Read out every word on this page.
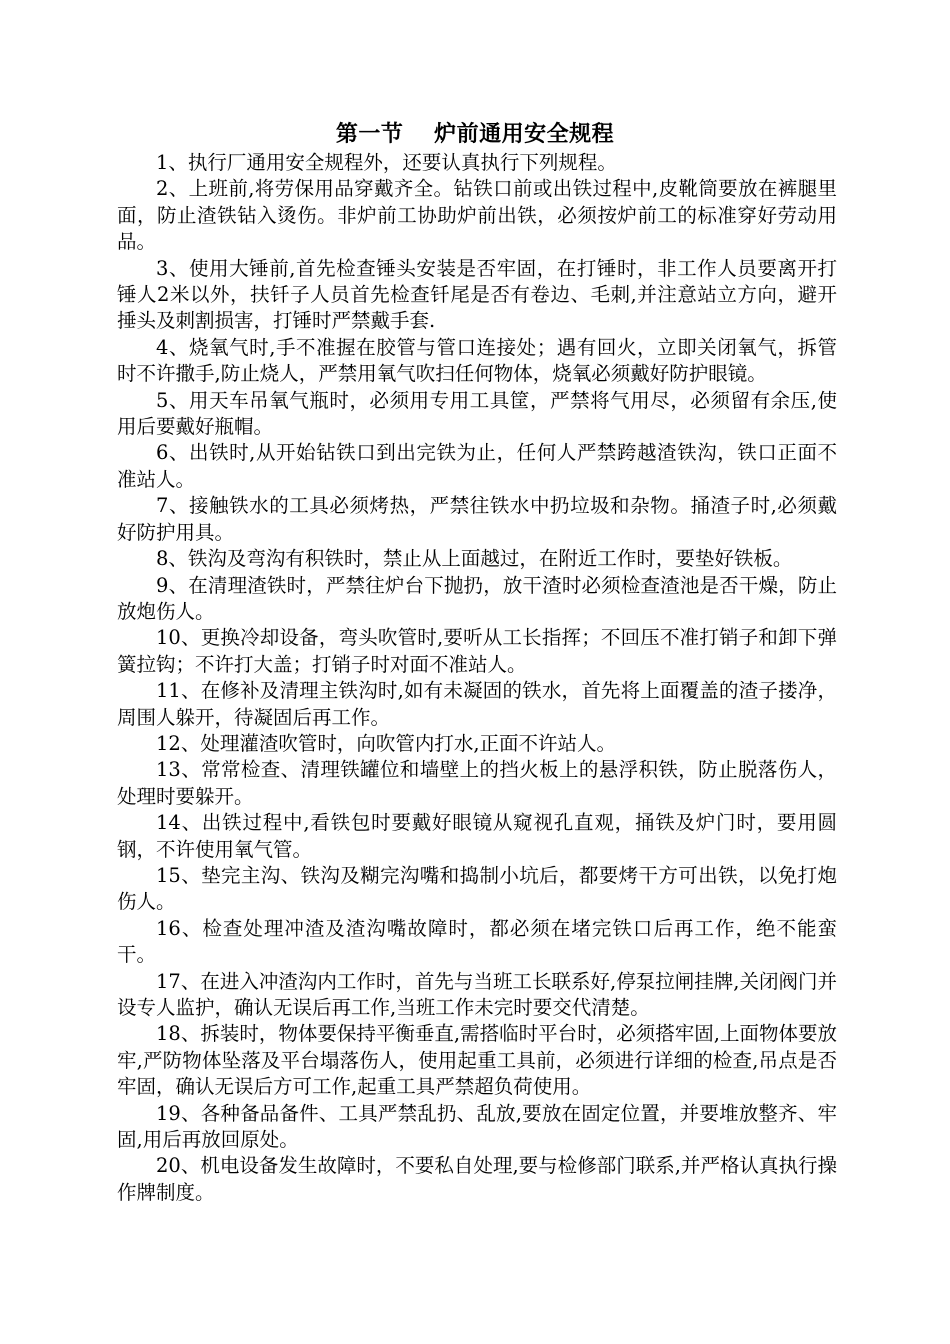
第一节　 炉前通用安全规程

1、执行厂通用安全规程外，还要认真执行下列规程。

2、上班前,将劳保用品穿戴齐全。钻铁口前或出铁过程中,皮靴筒要放在裤腿里面，防止渣铁钻入烫伤。非炉前工协助炉前出铁，必须按炉前工的标准穿好劳动用品。

3、使用大锤前,首先检查锤头安装是否牢固，在打锤时，非工作人员要离开打锤人2米以外，扶钎子人员首先检查钎尾是否有卷边、毛刺,并注意站立方向，避开捶头及刺割损害，打锤时严禁戴手套.

4、烧氧气时,手不准握在胶管与管口连接处；遇有回火，立即关闭氧气，拆管时不许撒手,防止烧人，严禁用氧气吹扫任何物体，烧氧必须戴好防护眼镜。

5、用天车吊氧气瓶时，必须用专用工具筐，严禁将气用尽，必须留有余压,使用后要戴好瓶帽。

6、出铁时,从开始钻铁口到出完铁为止，任何人严禁跨越渣铁沟，铁口正面不准站人。

7、接触铁水的工具必须烤热，严禁往铁水中扔垃圾和杂物。捅渣子时,必须戴好防护用具。

8、铁沟及弯沟有积铁时，禁止从上面越过，在附近工作时，要垫好铁板。

9、在清理渣铁时，严禁往炉台下抛扔，放干渣时必须检查渣池是否干燥，防止放炮伤人。

10、更换冷却设备，弯头吹管时,要听从工长指挥；不回压不准打销子和卸下弹簧拉钩；不许打大盖；打销子时对面不准站人。

11、在修补及清理主铁沟时,如有未凝固的铁水，首先将上面覆盖的渣子搂净，周围人躲开，待凝固后再工作。

12、处理灌渣吹管时，向吹管内打水,正面不许站人。

13、常常检查、清理铁罐位和墙壁上的挡火板上的悬浮积铁，防止脱落伤人，处理时要躲开。

14、出铁过程中,看铁包时要戴好眼镜从窥视孔直观，捅铁及炉门时，要用圆钢，不许使用氧气管。

15、垫完主沟、铁沟及糊完沟嘴和捣制小坑后，都要烤干方可出铁，以免打炮伤人。

16、检查处理冲渣及渣沟嘴故障时，都必须在堵完铁口后再工作，绝不能蛮干。

17、在进入冲渣沟内工作时，首先与当班工长联系好,停泵拉闸挂牌,关闭阀门并设专人监护，确认无误后再工作,当班工作未完时要交代清楚。

18、拆装时，物体要保持平衡垂直,需搭临时平台时，必须搭牢固,上面物体要放牢,严防物体坠落及平台塌落伤人，使用起重工具前，必须进行详细的检查,吊点是否牢固，确认无误后方可工作,起重工具严禁超负荷使用。

19、各种备品备件、工具严禁乱扔、乱放,要放在固定位置，并要堆放整齐、牢固,用后再放回原处。

20、机电设备发生故障时，不要私自处理,要与检修部门联系,并严格认真执行操作牌制度。
